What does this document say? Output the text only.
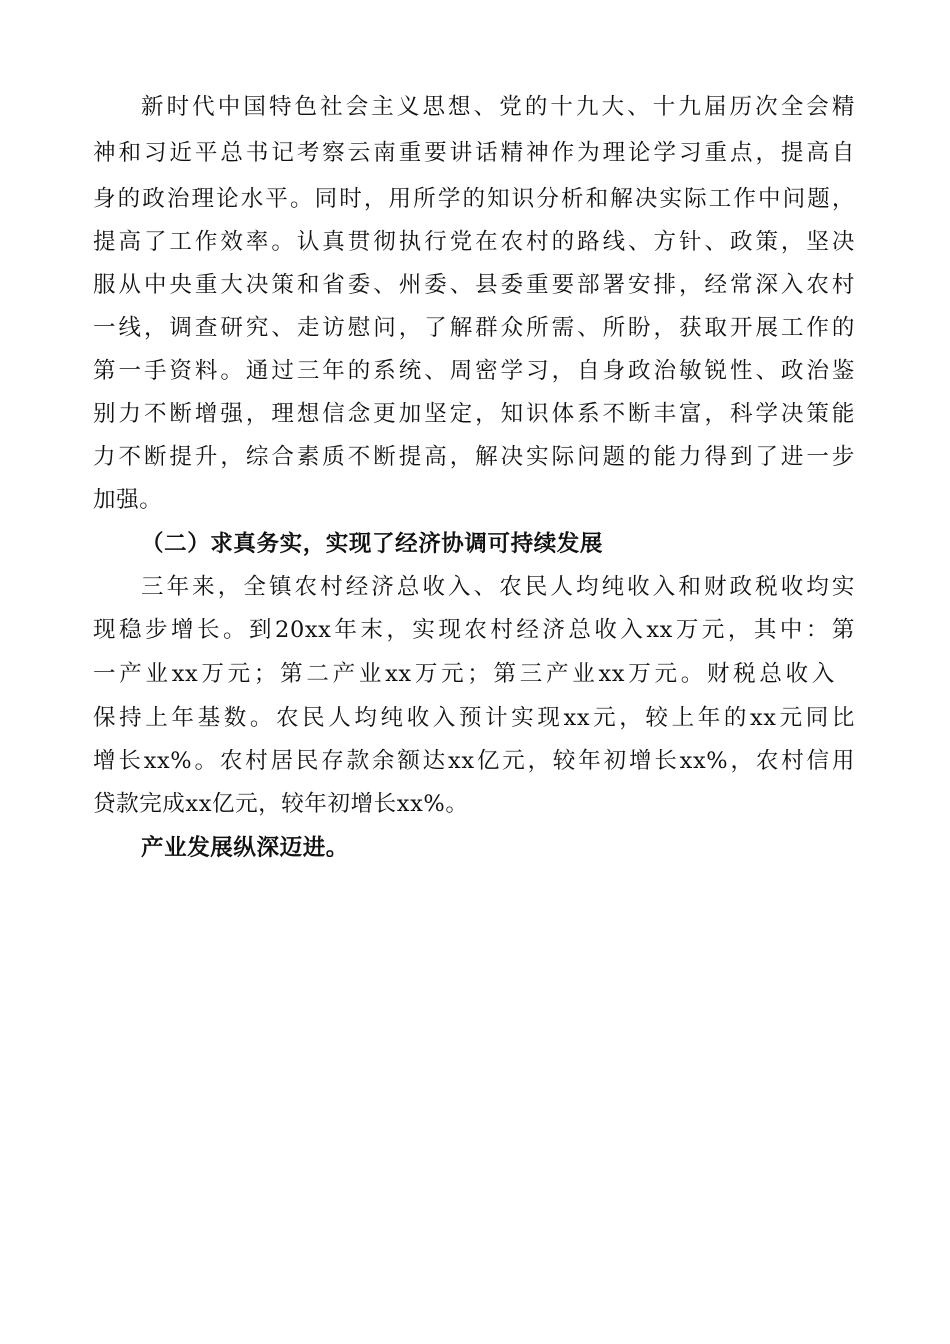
新时代中国特色社会主义思想、党的十九大、十九届历次全会精
神和习近平总书记考察云南重要讲话精神作为理论学习重点，提高自
身的政治理论水平。同时，用所学的知识分析和解决实际工作中问题，
提高了工作效率。认真贯彻执行党在农村的路线、方针、政策，坚决
服从中央重大决策和省委、州委、县委重要部署安排，经常深入农村
一线，调查研究、走访慰问，了解群众所需、所盼，获取开展工作的
第一手资料。通过三年的系统、周密学习，自身政治敏锐性、政治鉴
别力不断增强，理想信念更加坚定，知识体系不断丰富，科学决策能
力不断提升，综合素质不断提高，解决实际问题的能力得到了进一步
加强。
（二）求真务实，实现了经济协调可持续发展
三年来，全镇农村经济总收入、农民人均纯收入和财政税收均实
现稳步增长。到20xx年末，实现农村经济总收入xx万元，其中：第
一产业xx万元；第二产业xx万元；第三产业xx万元。财税总收入
保持上年基数。农民人均纯收入预计实现xx元，较上年的xx元同比
增长xx%。农村居民存款余额达xx亿元，较年初增长xx%，农村信用
贷款完成xx亿元，较年初增长xx%。
产业发展纵深迈进。
